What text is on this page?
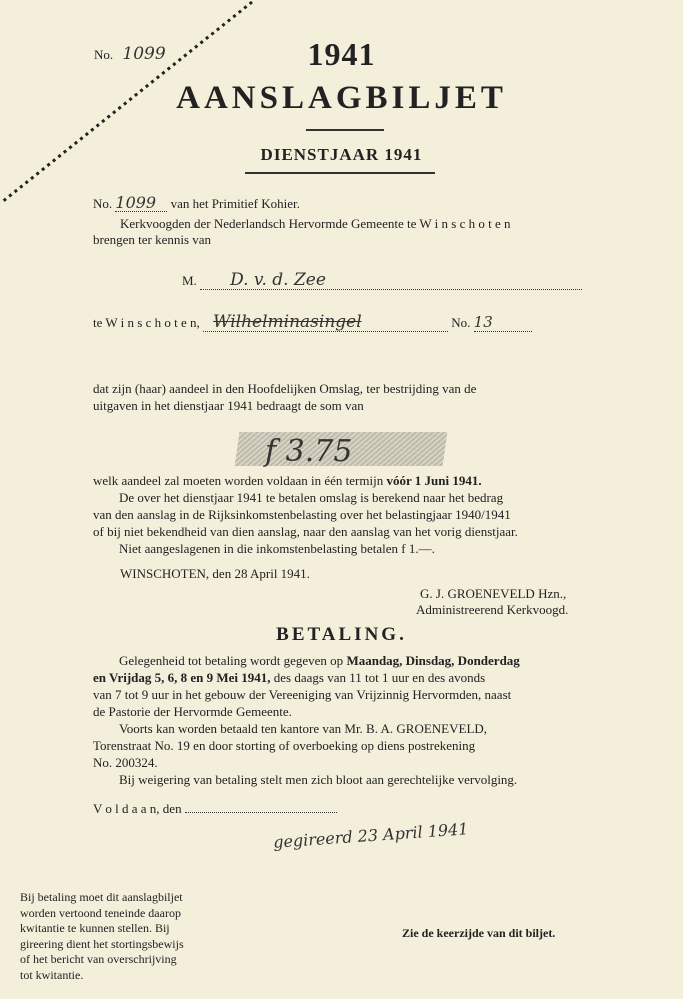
No. 1099	1941
AANSLAGBILJET
DIENSTJAAR 1941
No. 1099 van het Primitief Kohier.
Kerkvoogden der Nederlandsch Hervormde Gemeente te W i n s c h o t e n
brengen ter kennis van
M. D. v. d. Zee
te W i n s c h o t e n, Wilhelminasingel	No. 13
dat zijn (haar) aandeel in den Hoofdelijken Omslag, ter bestrijding van de
uitgaven in het dienstjaar 1941 bedraagt de som van
f 3.75
welk aandeel zal moeten worden voldaan in één termijn vóór 1 Juni 1941.
De over het dienstjaar 1941 te betalen omslag is berekend naar het bedrag
van den aanslag in de Rijksinkomstenbelasting over het belastingjaar 1940/1941
of bij niet bekendheid van dien aanslag, naar den aanslag van het vorig dienstjaar.
Niet aangeslagenen in die inkomstenbelasting betalen f 1.—.
WINSCHOTEN, den 28 April 1941.
G. J. GROENEVELD Hzn.,
Administreerend Kerkvoogd.
BETALING.
Gelegenheid tot betaling wordt gegeven op Maandag, Dinsdag, Donderdag
en Vrijdag 5, 6, 8 en 9 Mei 1941, des daags van 11 tot 1 uur en des avonds
van 7 tot 9 uur in het gebouw der Vereeniging van Vrijzinnig Hervormden, naast
de Pastorie der Hervormde Gemeente.
Voorts kan worden betaald ten kantore van Mr. B. A. GROENEVELD,
Torenstraat No. 19 en door storting of overboeking op diens postrekening
No. 200324.
Bij weigering van betaling stelt men zich bloot aan gerechtelijke vervolging.
V o l d a a n, den
gegireerd 23 April 1941
Bij betaling moet dit aanslagbiljet
worden vertoond teneinde daarop
kwitantie te kunnen stellen. Bij
gireering dient het stortingsbewijs
of het bericht van overschrijving
tot kwitantie.
Zie de keerzijde van dit biljet.
